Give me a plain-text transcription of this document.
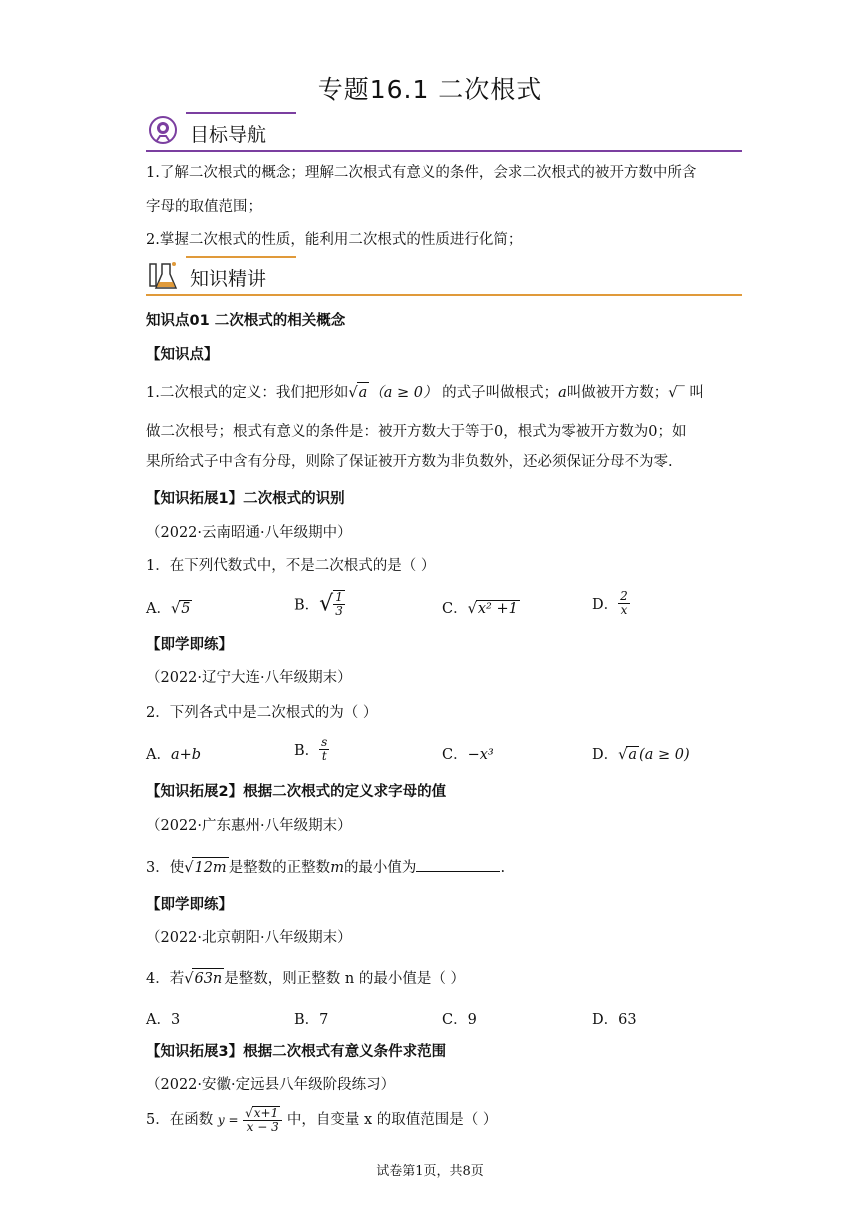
专题16.1 二次根式
目标导航
1.了解二次根式的概念；理解二次根式有意义的条件，会求二次根式的被开方数中所含
字母的取值范围；
2.掌握二次根式的性质，能利用二次根式的性质进行化简；
知识精讲
知识点01 二次根式的相关概念
【知识点】
1.二次根式的定义：我们把形如√a （a ≥ 0） 的式子叫做根式；a叫做被开方数；√‾ 叫
做二次根号；根式有意义的条件是：被开方数大于等于0，根式为零被开方数为0；如
果所给式子中含有分母，则除了保证被开方数为非负数外，还必须保证分母不为零.
【知识拓展1】二次根式的识别
（2022·云南昭通·八年级期中）
1．在下列代数式中，不是二次根式的是（ ）
A．√5	B．√ $\frac{1}{3}$	C．√x² +1	D． $\frac{2}{x}$
【即学即练】
（2022·辽宁大连·八年级期末）
2．下列各式中是二次根式的为（ ）
A．a+b	B． $\frac{s}{t}$	C．−x³	D．√a (a ≥ 0)
【知识拓展2】根据二次根式的定义求字母的值
（2022·广东惠州·八年级期末）
3．使√12m 是整数的正整数m的最小值为	.
【即学即练】
（2022·北京朝阳·八年级期末）
4．若√63n 是整数，则正整数 n 的最小值是（ ）
A．3	B．7	C．9	D．63
【知识拓展3】根据二次根式有意义条件求范围
（2022·安徽·定远县八年级阶段练习）
5．在函数 $y = \frac{√x+1}{x - 3}$ 中，自变量 x 的取值范围是（ ）
试卷第1页，共8页
